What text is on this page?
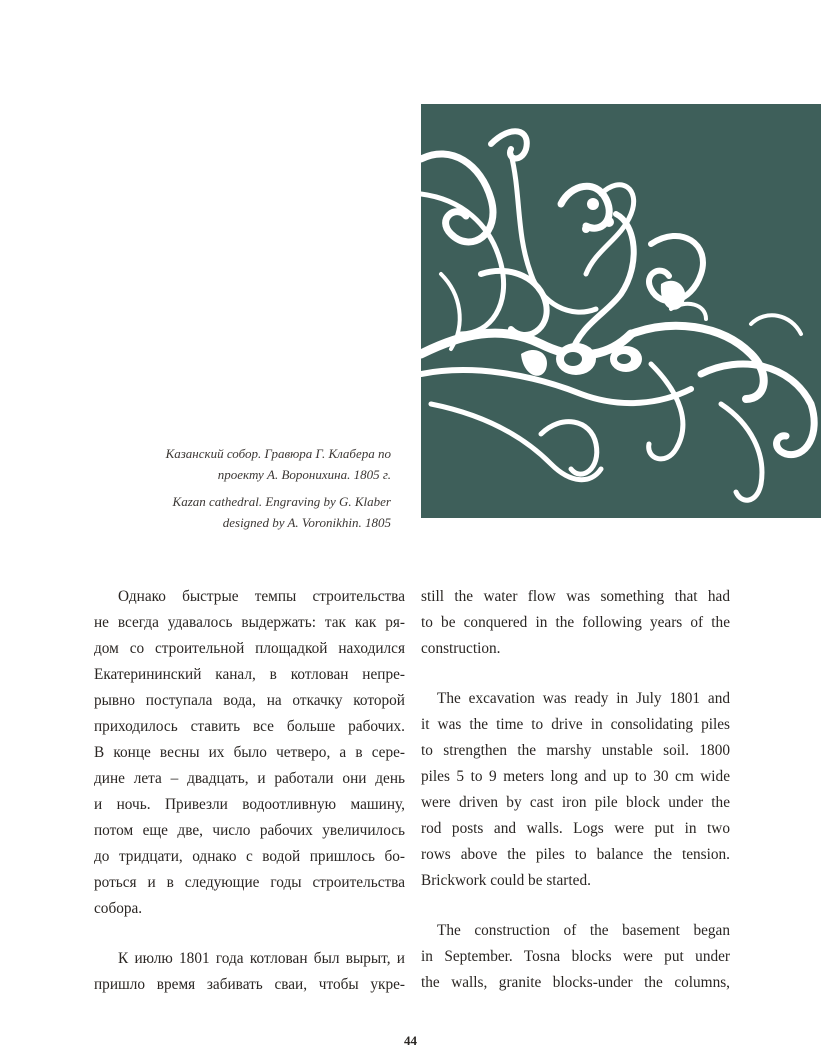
Казанский собор. Гравюра Г. Клабера по
проекту А. Воронихина. 1805 г.

Kazan cathedral. Engraving by G. Klaber
designed by A. Voronikhin. 1805

Однако быстрые темпы строительства
не всегда удавалось выдержать: так как ря-
дом со строительной площадкой находился
Екатерининский канал, в котлован непре-
рывно поступала вода, на откачку которой
приходилось ставить все больше рабочих.
В конце весны их было четверо, а в сере-
дине лета – двадцать, и работали они день
и ночь. Привезли водоотливную машину,
потом еще две, число рабочих увеличилось
до тридцати, однако с водой пришлось бо-
роться и в следующие годы строительства
собора.

К июлю 1801 года котлован был вырыт, и
пришло время забивать сваи, чтобы укре-

still the water flow was something that had
to be conquered in the following years of the
construction.

The excavation was ready in July 1801 and
it was the time to drive in consolidating piles
to strengthen the marshy unstable soil. 1800
piles 5 to 9 meters long and up to 30 cm wide
were driven by cast iron pile block under the
rod posts and walls. Logs were put in two
rows above the piles to balance the tension.
Brickwork could be started.

The construction of the basement began
in September. Tosna blocks were put under
the walls, granite blocks-under the columns,

44
